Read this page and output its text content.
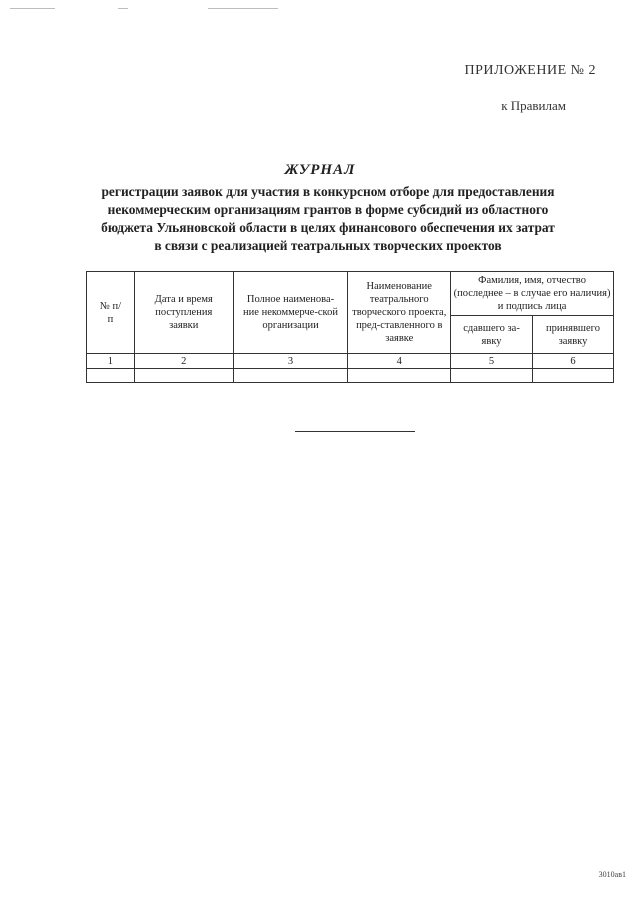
ПРИЛОЖЕНИЕ № 2
к Правилам
ЖУРНАЛ
регистрации заявок для участия в конкурсном отборе для предоставления
некоммерческим организациям грантов в форме субсидий из областного
бюджета Ульяновской области в целях финансового обеспечения их затрат
в связи с реализацией театральных творческих проектов
№ п/п	Дата и время поступления заявки	Полное наименова-ние некоммерче-ской организации	Наименование театрального творческого проекта, пред-ставленного в заявке	Фамилия, имя, отчество (последнее – в случае его наличия) и подпись лица	

				сдавшего за-явку	принявшего заявку

1	2	3	4	5	6

3010ав1
